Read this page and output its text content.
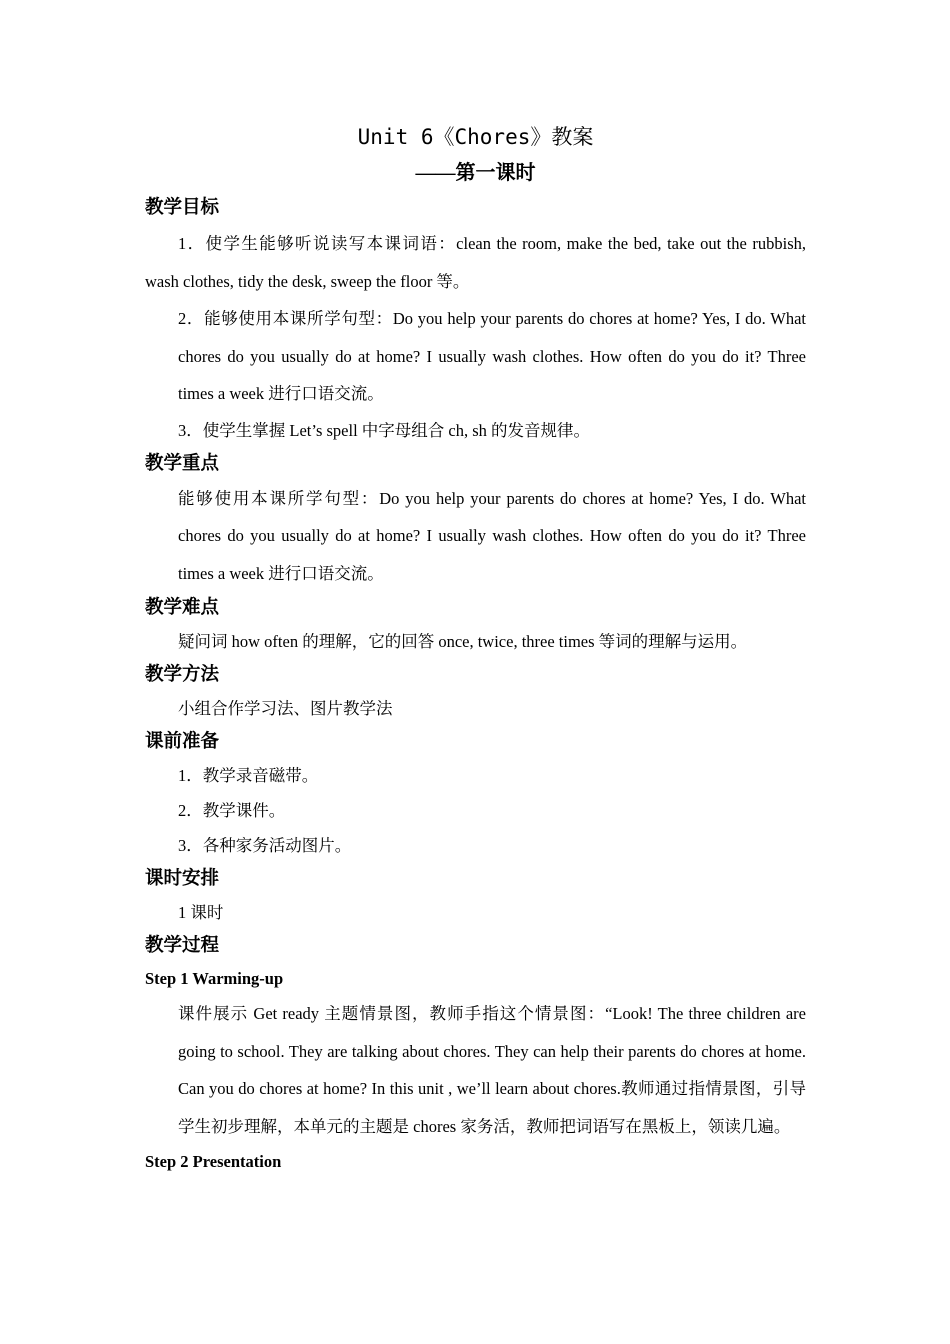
Unit 6《Chores》教案
——第一课时
教学目标

1．使学生能够听说读写本课词语：clean the room, make the bed, take out the rubbish, wash clothes, tidy the desk, sweep the floor 等。

2．能够使用本课所学句型：Do you help your parents do chores at home? Yes, I do. What chores do you usually do at home? I usually wash clothes. How often do you do it? Three times a week 进行口语交流。

3．使学生掌握 Let’s spell 中字母组合 ch, sh 的发音规律。

教学重点

能够使用本课所学句型：Do you help your parents do chores at home? Yes, I do. What chores do you usually do at home? I usually wash clothes. How often do you do it? Three times a week 进行口语交流。

教学难点

疑问词 how often 的理解，它的回答 once, twice, three times 等词的理解与运用。

教学方法

小组合作学习法、图片教学法

课前准备

1．教学录音磁带。

2．教学课件。

3．各种家务活动图片。

课时安排

1 课时

教学过程
Step 1 Warming-up

课件展示 Get ready 主题情景图，教师手指这个情景图：“Look! The three children are going to school. They are talking about chores. They can help their parents do chores at home. Can you do chores at home? In this unit , we’ll learn about chores.教师通过指情景图，引导学生初步理解，本单元的主题是 chores 家务活，教师把词语写在黑板上，领读几遍。

Step 2 Presentation
